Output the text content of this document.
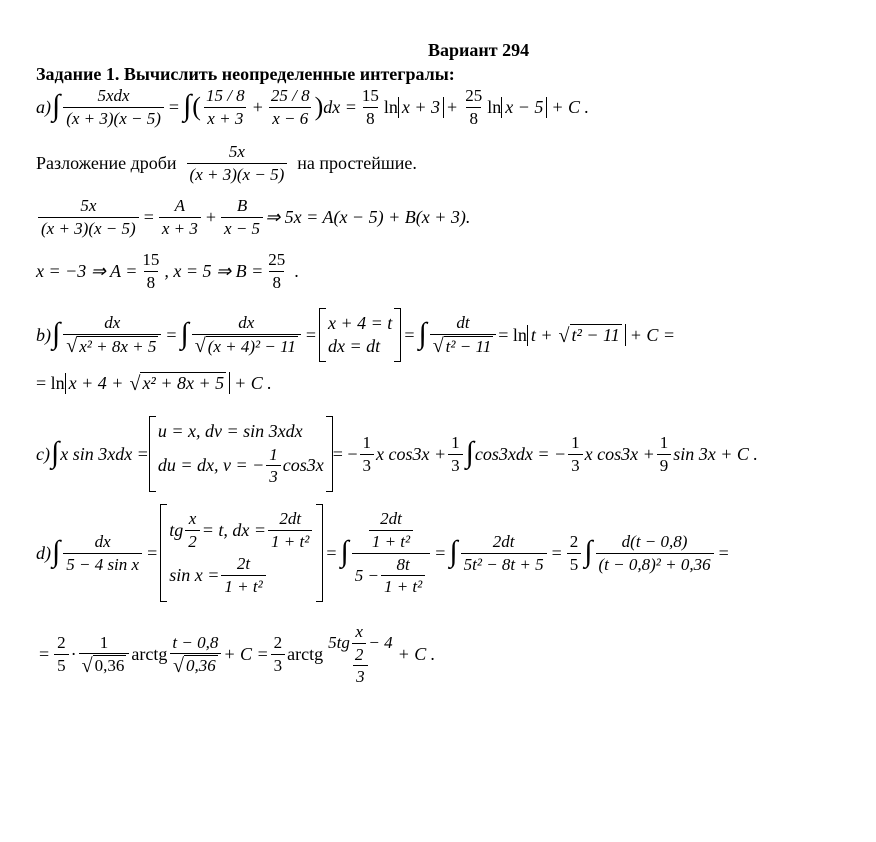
Вариант 294
Задание 1. Вычислить неопределенные интегралы:
a) ∫ $\frac{\text{5xdx}}{(x + 3)(x - 5)}$ = ∫ ( $\frac{15 / 8}{x + 3} + \frac{25 / 8}{x - 6}$ ) dx = $\frac{15}{8}$ $\ln x + 3 + \frac{25}{8}$ ln x − 5 + C .
Разложение дроби $\frac{5x}{(x + 3)(x - 5)}$ на простейшие.
$\frac{5x}{(x + 3)(x - 5)} = \frac{A}{x + 3} + \frac{B}{x - 5}$ ⇒ 5x = A(x − 5) + B(x + 3).
x = −3 ⇒ $A = \frac{15}{8}$ , x = 5 ⇒ $B = \frac{25}{8}$ .
b) ∫ $\frac{dx}{\text{√ x² + 8x + 5}}$ = ∫ $\frac{dx}{\text{√ (x + 4)² − 11}}$ =
x + 4 = t
dx = dt
= ∫ $\frac{dt}{\text{√ t² − 11}} = \ln t$ + √ t² − 11 + C =
= ln x + 4 + √ x² + 8x + 5 + C .
c) ∫ x sin 3xdx =
u = x, dv = sin 3xdx
du = dx, v = − $\frac{1}{3} \cos 3x$
= − $\frac{1}{3}$ x $\cos 3x + \frac{1}{3}$ ∫ cos3xdx = − $\frac{1}{3}$ x $\cos 3x + \frac{1}{9}$ sin 3x + C .
d) ∫ $\frac{dx}{\text{5 − 4 sin x}}$ =
tg $\frac{x}{2} = t$, dx = $\frac{2dt}{\text{1 + t²}}$
$\sin x = \frac{2t}{\text{1 + t²}}$
= ∫ $\frac{\frac{2dt}{\text{1 + t²}}}{5 - \frac{8t}{\text{1 + t²}}}$ = ∫ $\frac{2dt}{\text{5t² − 8t + 5}} = \frac{2}{5}$ ∫ $\frac{d(t - 0,8)}{\text{(t − 0,8)² + 0,36}}$ =
= $\frac{2}{5} \cdot \frac{1}{√ 0,36}$ arctg $\frac{t - 0,8}{√ 0,36} + C = \frac{2}{3}$ arctg $\frac{5tg \frac{x}{2} - 4}{3} + C$ .
